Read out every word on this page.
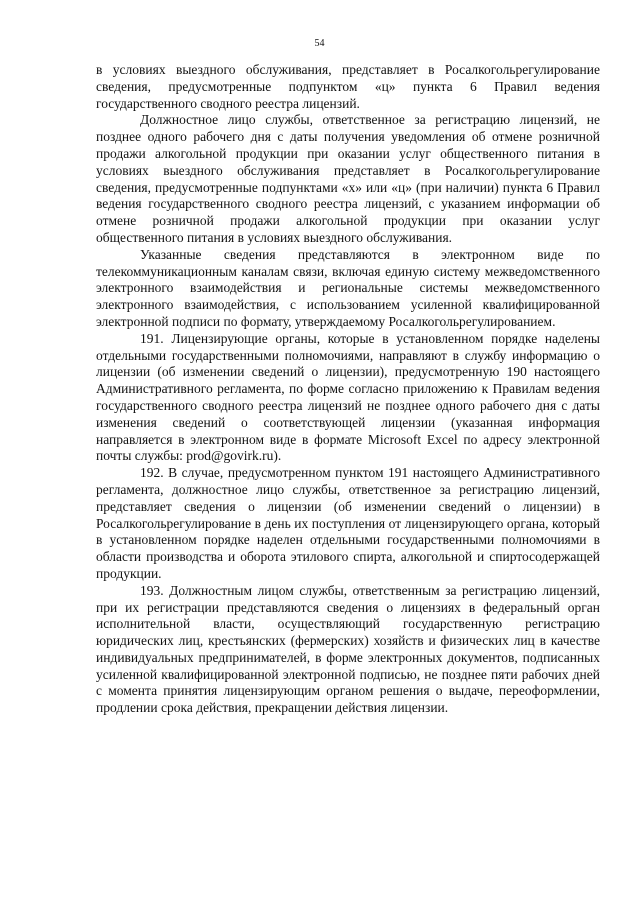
54

в условиях выездного обслуживания, представляет в Росалкогольрегулирование сведения, предусмотренные подпунктом «ц» пункта 6 Правил ведения государственного сводного реестра лицензий.

Должностное лицо службы, ответственное за регистрацию лицензий, не позднее одного рабочего дня с даты получения уведомления об отмене розничной продажи алкогольной продукции при оказании услуг общественного питания в условиях выездного обслуживания представляет в Росалкогольрегулирование сведения, предусмотренные подпунктами «х» или «ц» (при наличии) пункта 6 Правил ведения государственного сводного реестра лицензий, с указанием информации об отмене розничной продажи алкогольной продукции при оказании услуг общественного питания в условиях выездного обслуживания.

Указанные сведения представляются в электронном виде по телекоммуникационным каналам связи, включая единую систему межведомственного электронного взаимодействия и региональные системы межведомственного электронного взаимодействия, с использованием усиленной квалифицированной электронной подписи по формату, утверждаемому Росалкогольрегулированием.

191. Лицензирующие органы, которые в установленном порядке наделены отдельными государственными полномочиями, направляют в службу информацию о лицензии (об изменении сведений о лицензии), предусмотренную 190 настоящего Административного регламента, по форме согласно приложению к Правилам ведения государственного сводного реестра лицензий не позднее одного рабочего дня с даты изменения сведений о соответствующей лицензии (указанная информация направляется в электронном виде в формате Microsoft Excel по адресу электронной почты службы: prod@govirk.ru).

192. В случае, предусмотренном пунктом 191 настоящего Административного регламента, должностное лицо службы, ответственное за регистрацию лицензий, представляет сведения о лицензии (об изменении сведений о лицензии) в Росалкогольрегулирование в день их поступления от лицензирующего органа, который в установленном порядке наделен отдельными государственными полномочиями в области производства и оборота этилового спирта, алкогольной и спиртосодержащей продукции.

193. Должностным лицом службы, ответственным за регистрацию лицензий, при их регистрации представляются сведения о лицензиях в федеральный орган исполнительной власти, осуществляющий государственную регистрацию юридических лиц, крестьянских (фермерских) хозяйств и физических лиц в качестве индивидуальных предпринимателей, в форме электронных документов, подписанных усиленной квалифицированной электронной подписью, не позднее пяти рабочих дней с момента принятия лицензирующим органом решения о выдаче, переоформлении, продлении срока действия, прекращении действия лицензии.
